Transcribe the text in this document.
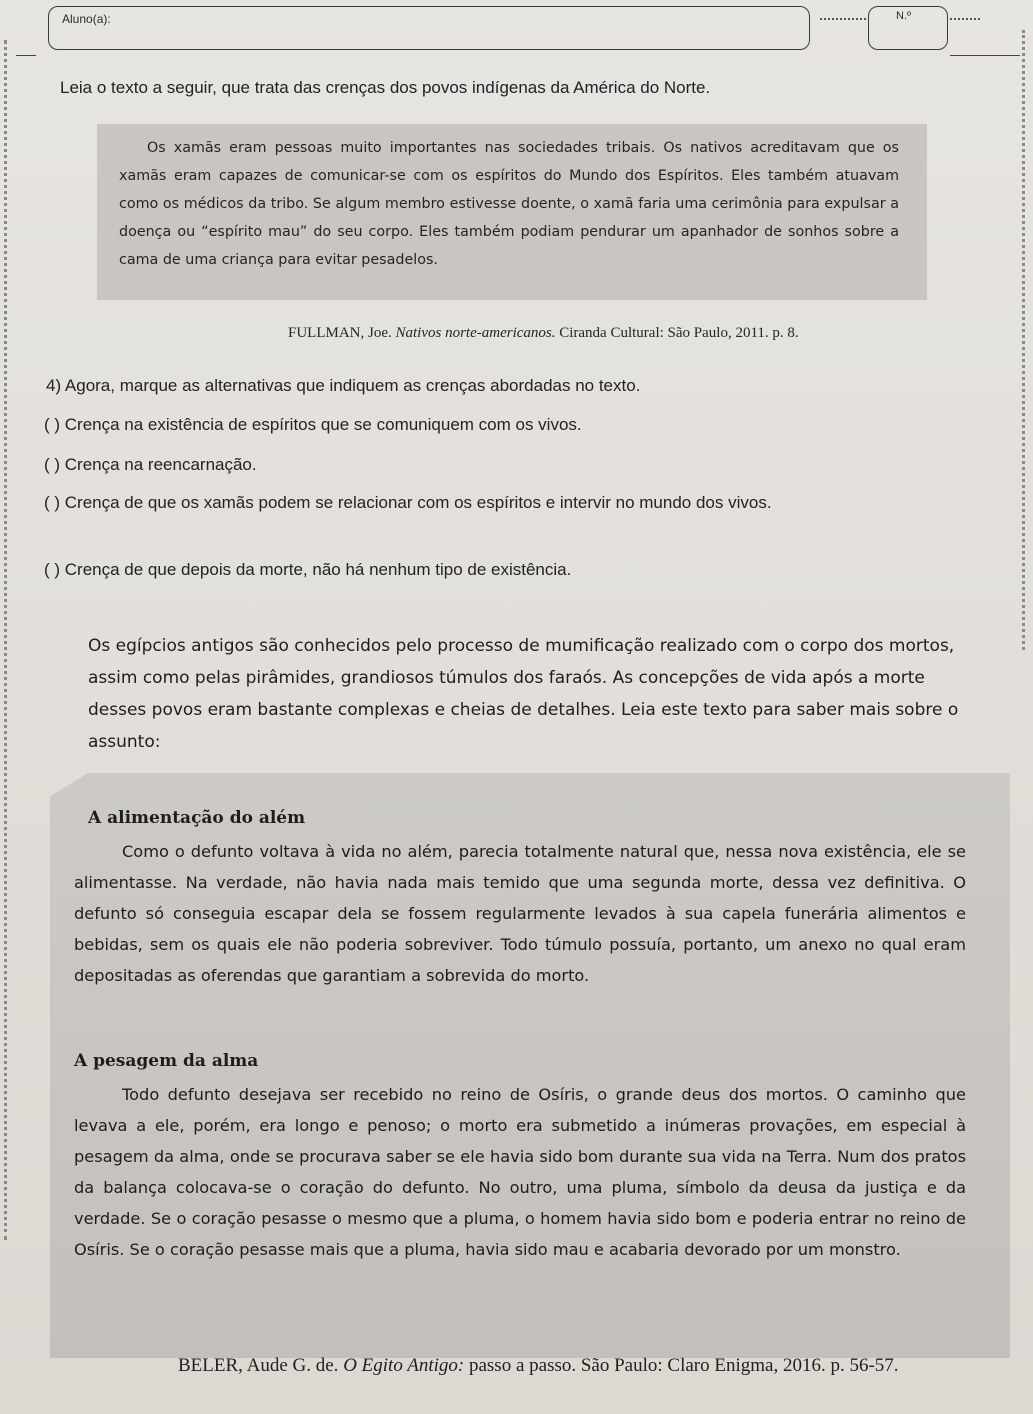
Aluno(a):	N.º
Leia o texto a seguir, que trata das crenças dos povos indígenas da América do Norte.

Os xamãs eram pessoas muito importantes nas sociedades tribais. Os nativos acreditavam que os xamãs eram capazes de comunicar-se com os espíritos do Mundo dos Espíritos. Eles também atuavam como os médicos da tribo. Se algum membro estivesse doente, o xamã faria uma cerimônia para expulsar a doença ou “espírito mau” do seu corpo. Eles também podiam pendurar um apanhador de sonhos sobre a cama de uma criança para evitar pesadelos.

FULLMAN, Joe. Nativos norte-americanos. Ciranda Cultural: São Paulo, 2011. p. 8.
4) Agora, marque as alternativas que indiquem as crenças abordadas no texto.
( ) Crença na existência de espíritos que se comuniquem com os vivos.
( ) Crença na reencarnação.
( ) Crença de que os xamãs podem se relacionar com os espíritos e intervir no mundo dos vivos.
( ) Crença de que depois da morte, não há nenhum tipo de existência.

Os egípcios antigos são conhecidos pelo processo de mumificação realizado com o corpo dos mortos, assim como pelas pirâmides, grandiosos túmulos dos faraós. As concepções de vida após a morte desses povos eram bastante complexas e cheias de detalhes. Leia este texto para saber mais sobre o assunto:

A alimentação do além

Como o defunto voltava à vida no além, parecia totalmente natural que, nessa nova existência, ele se alimentasse. Na verdade, não havia nada mais temido que uma segunda morte, dessa vez definitiva. O defunto só conseguia escapar dela se fossem regularmente levados à sua capela funerária alimentos e bebidas, sem os quais ele não poderia sobreviver. Todo túmulo possuía, portanto, um anexo no qual eram depositadas as oferendas que garantiam a sobrevida do morto.

A pesagem da alma

Todo defunto desejava ser recebido no reino de Osíris, o grande deus dos mortos. O caminho que levava a ele, porém, era longo e penoso; o morto era submetido a inúmeras provações, em especial à pesagem da alma, onde se procurava saber se ele havia sido bom durante sua vida na Terra. Num dos pratos da balança colocava-se o coração do defunto. No outro, uma pluma, símbolo da deusa da justiça e da verdade. Se o coração pesasse o mesmo que a pluma, o homem havia sido bom e poderia entrar no reino de Osíris. Se o coração pesasse mais que a pluma, havia sido mau e acabaria devorado por um monstro.

BELER, Aude G. de. O Egito Antigo: passo a passo. São Paulo: Claro Enigma, 2016. p. 56-57.
